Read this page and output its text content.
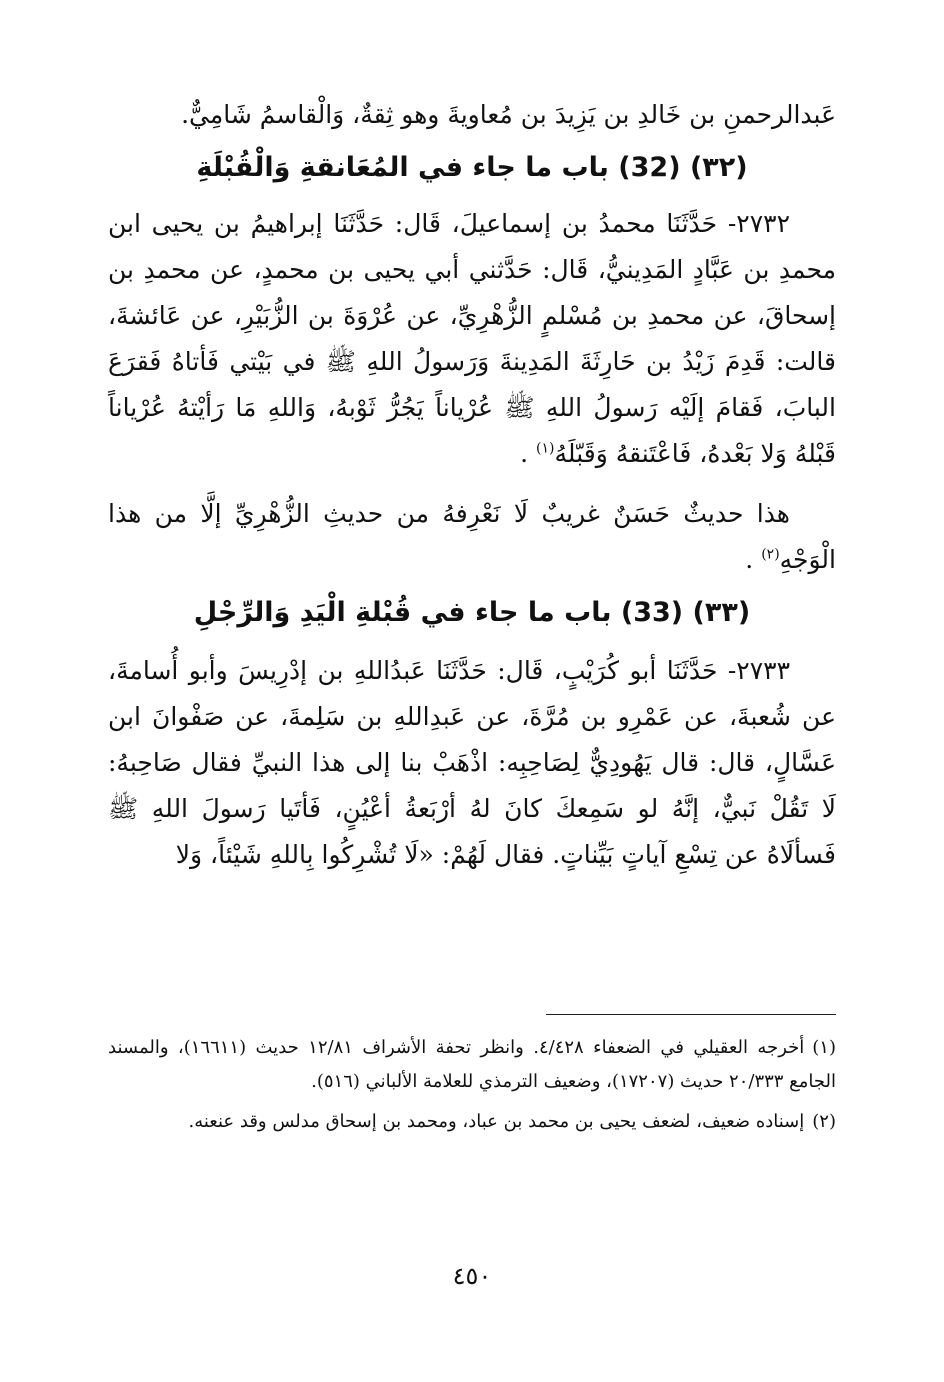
عَبدالرحمنِ بن خَالدِ بن يَزِيدَ بن مُعاويةَ وهو ثِقةٌ، وَالْقاسمُ شَامِيٌّ.

(٣٢) (32) باب ما جاء في المُعَانقةِ وَالْقُبْلَةِ

٢٧٣٢- حَدَّثَنَا محمدُ بن إسماعيلَ، قَال: حَدَّثَنَا إبراهيمُ بن يحيى ابن محمدِ بن عَبَّادٍ المَدِينيُّ، قَال: حَدَّثني أبي يحيى بن محمدٍ، عن محمدِ بن إسحاقَ، عن محمدِ بن مُسْلمٍ الزُّهْرِيِّ، عن عُرْوَةَ بن الزُّبَيْرِ، عن عَائشةَ، قالت: قَدِمَ زَيْدُ بن حَارِثَةَ المَدِينةَ وَرَسولُ اللهِ ﷺ في بَيْتي فَأتاهُ فَقرَعَ البابَ، فَقامَ إلَيْه رَسولُ اللهِ ﷺ عُرْياناً يَجُرُّ ثَوْبهُ، وَاللهِ مَا رَأيْتهُ عُرْياناً قَبْلهُ وَلا بَعْدهُ، فَاعْتَنقهُ وَقَبّلَهُ$^{(١)}$ .

هذا حديثٌ حَسَنٌ غريبٌ لَا نَعْرِفهُ من حديثِ الزُّهْرِيِّ إلَّا من هذا الْوَجْهِ$^{(٢)}$ .

(٣٣) (33) باب ما جاء في قُبْلةِ الْيَدِ وَالرِّجْلِ

٢٧٣٣- حَدَّثَنَا أبو كُرَيْبٍ، قَال: حَدَّثَنَا عَبدُاللهِ بن إدْرِيسَ وأبو أُسامةَ، عن شُعبةَ، عن عَمْرِو بن مُرَّةَ، عن عَبدِاللهِ بن سَلِمةَ، عن صَفْوانَ ابن عَسَّالٍ، قال: قال يَهُودِيٌّ لِصَاحِبِه: اذْهَبْ بنا إلى هذا النبيِّ فقال صَاحِبهُ: لَا تَقُلْ نَبيٌّ، إنَّهُ لو سَمِعكَ كانَ لهُ أرْبَعةُ أعْيُنٍ، فَأتَيا رَسولَ اللهِ ﷺ فَسألَاهُ عن تِسْعِ آياتٍ بَيِّناتٍ. فقال لَهُمْ: «لَا تُشْرِكُوا بِاللهِ شَيْئاً، وَلا

(١)أخرجه العقيلي في الضعفاء ٤/٤٢٨. وانظر تحفة الأشراف ١٢/٨١ حديث (١٦٦١١)، والمسند الجامع ٢٠/٣٣٣ حديث (١٧٢٠٧)، وضعيف الترمذي للعلامة الألباني (٥١٦).

(٢)إسناده ضعيف، لضعف يحيى بن محمد بن عباد، ومحمد بن إسحاق مدلس وقد عنعنه.

٤٥٠
